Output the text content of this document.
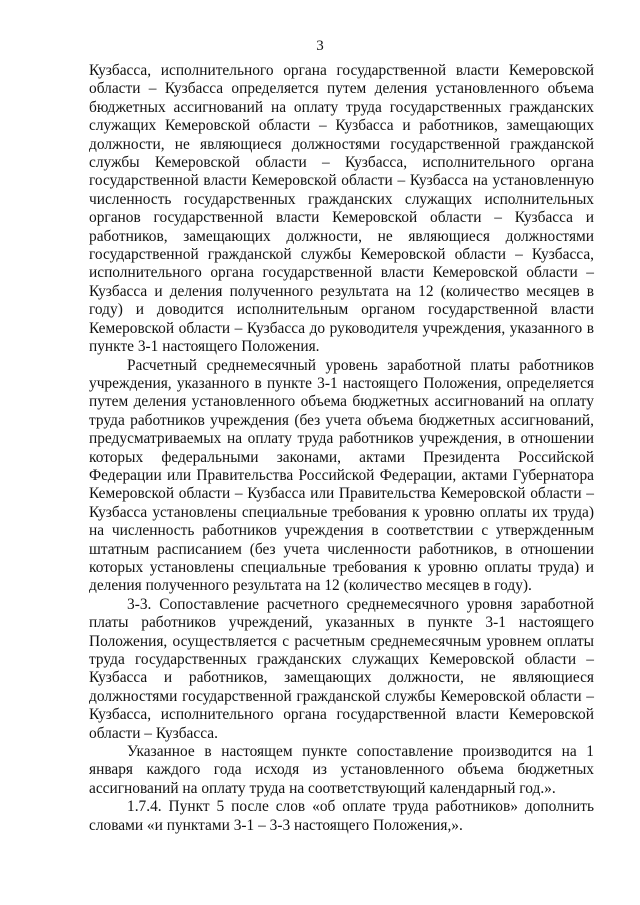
3

Кузбасса, исполнительного органа государственной власти Кемеровской области – Кузбасса определяется путем деления установленного объема бюджетных ассигнований на оплату труда государственных гражданских служащих Кемеровской области – Кузбасса и работников, замещающих должности, не являющиеся должностями государственной гражданской службы Кемеровской области – Кузбасса, исполнительного органа государственной власти Кемеровской области – Кузбасса на установленную численность государственных гражданских служащих исполнительных органов государственной власти Кемеровской области – Кузбасса и работников, замещающих должности, не являющиеся должностями государственной гражданской службы Кемеровской области – Кузбасса, исполнительного органа государственной власти Кемеровской области – Кузбасса и деления полученного результата на 12 (количество месяцев в году) и доводится исполнительным органом государственной власти Кемеровской области – Кузбасса до руководителя учреждения, указанного в пункте 3-1 настоящего Положения.

Расчетный среднемесячный уровень заработной платы работников учреждения, указанного в пункте 3-1 настоящего Положения, определяется путем деления установленного объема бюджетных ассигнований на оплату труда работников учреждения (без учета объема бюджетных ассигнований, предусматриваемых на оплату труда работников учреждения, в отношении которых федеральными законами, актами Президента Российской Федерации или Правительства Российской Федерации, актами Губернатора Кемеровской области – Кузбасса или Правительства Кемеровской области – Кузбасса установлены специальные требования к уровню оплаты их труда) на численность работников учреждения в соответствии с утвержденным штатным расписанием (без учета численности работников, в отношении которых установлены специальные требования к уровню оплаты труда) и деления полученного результата на 12 (количество месяцев в году).

3-3. Сопоставление расчетного среднемесячного уровня заработной платы работников учреждений, указанных в пункте 3-1 настоящего Положения, осуществляется с расчетным среднемесячным уровнем оплаты труда государственных гражданских служащих Кемеровской области – Кузбасса и работников, замещающих должности, не являющиеся должностями государственной гражданской службы Кемеровской области – Кузбасса, исполнительного органа государственной власти Кемеровской области – Кузбасса.

Указанное в настоящем пункте сопоставление производится на 1 января каждого года исходя из установленного объема бюджетных ассигнований на оплату труда на соответствующий календарный год.».

1.7.4. Пункт 5 после слов «об оплате труда работников» дополнить словами «и пунктами 3-1 – 3-3 настоящего Положения,».
